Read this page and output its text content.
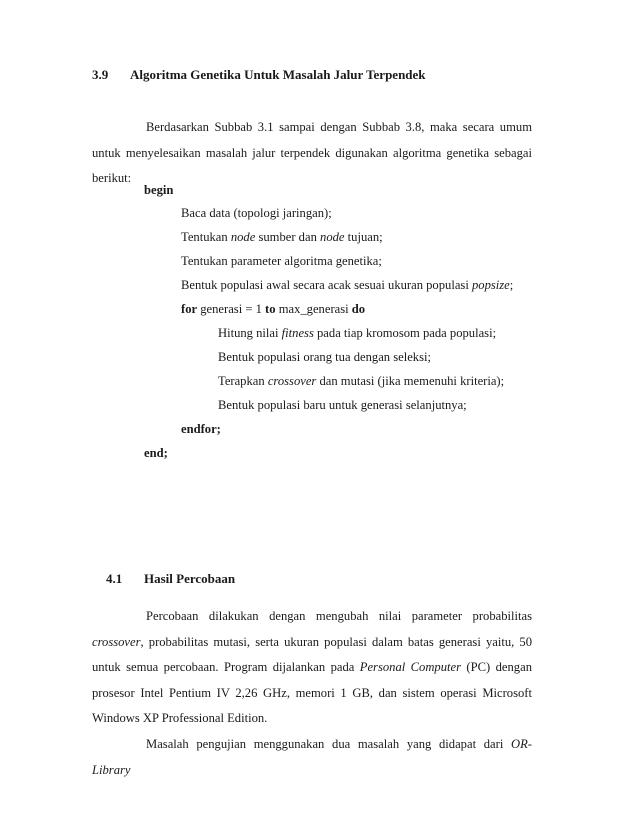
3.9 Algoritma Genetika Untuk Masalah Jalur Terpendek
Berdasarkan Subbab 3.1 sampai dengan Subbab 3.8, maka secara umum untuk menyelesaikan masalah jalur terpendek digunakan algoritma genetika sebagai berikut:
begin
Baca data (topologi jaringan);
Tentukan node sumber dan node tujuan;
Tentukan parameter algoritma genetika;
Bentuk populasi awal secara acak sesuai ukuran populasi popsize;
for generasi = 1 to max_generasi do
Hitung nilai fitness pada tiap kromosom pada populasi;
Bentuk populasi orang tua dengan seleksi;
Terapkan crossover dan mutasi (jika memenuhi kriteria);
Bentuk populasi baru untuk generasi selanjutnya;
endfor;
end;
4.1 Hasil Percobaan
Percobaan dilakukan dengan mengubah nilai parameter probabilitas crossover, probabilitas mutasi, serta ukuran populasi dalam batas generasi yaitu, 50 untuk semua percobaan. Program dijalankan pada Personal Computer (PC) dengan prosesor Intel Pentium IV 2,26 GHz, memori 1 GB, dan sistem operasi Microsoft Windows XP Professional Edition.
Masalah pengujian menggunakan dua masalah yang didapat dari OR- Library
